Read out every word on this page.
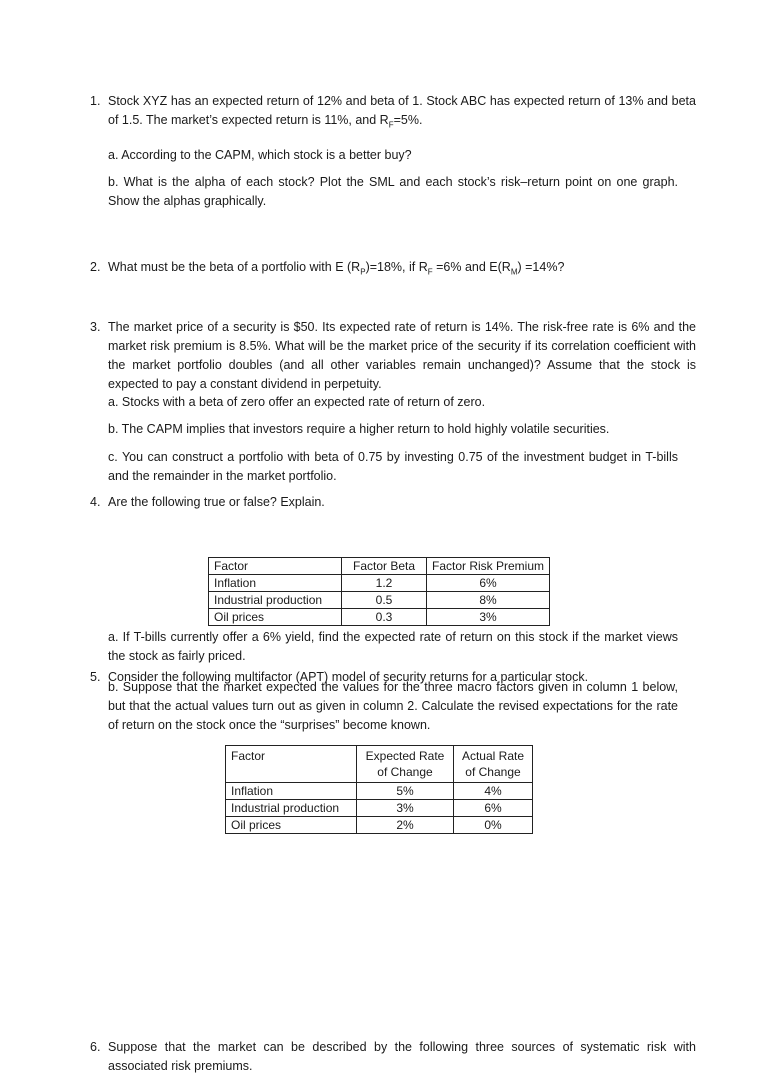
1. Stock XYZ has an expected return of 12% and beta of 1. Stock ABC has expected return of 13% and beta of 1.5. The market’s expected return is 11%, and $R_F=5\%$.
a. According to the CAPM, which stock is a better buy?
b. What is the alpha of each stock? Plot the SML and each stock’s risk–return point on one graph. Show the alphas graphically.
2. What must be the beta of a portfolio with E $(R_P)=18\%$, if $R_F =6\%$ and $E(R_M) =14\%$?
3. The market price of a security is $50. Its expected rate of return is 14%. The risk-free rate is 6% and the market risk premium is 8.5%. What will be the market price of the security if its correlation coefficient with the market portfolio doubles (and all other variables remain unchanged)? Assume that the stock is expected to pay a constant dividend in perpetuity.
4. Are the following true or false? Explain.
a. Stocks with a beta of zero offer an expected rate of return of zero.
b. The CAPM implies that investors require a higher return to hold highly volatile securities.
c. You can construct a portfolio with beta of 0.75 by investing 0.75 of the investment budget in T-bills and the remainder in the market portfolio.
5. Consider the following multifactor (APT) model of security returns for a particular stock.
Factor	Factor Beta	Factor Risk Premium
Inflation	1.2	6%
Industrial production	0.5	8%
Oil prices	0.3	3%
a. If T-bills currently offer a 6% yield, find the expected rate of return on this stock if the market views the stock as fairly priced.
b. Suppose that the market expected the values for the three macro factors given in column 1 below, but that the actual values turn out as given in column 2. Calculate the revised expectations for the rate of return on the stock once the “surprises” become known.
Factor	Expected Rate of Change	Actual Rate of Change
Inflation	5%	4%
Industrial production	3%	6%
Oil prices	2%	0%
6. Suppose that the market can be described by the following three sources of systematic risk with associated risk premiums.
